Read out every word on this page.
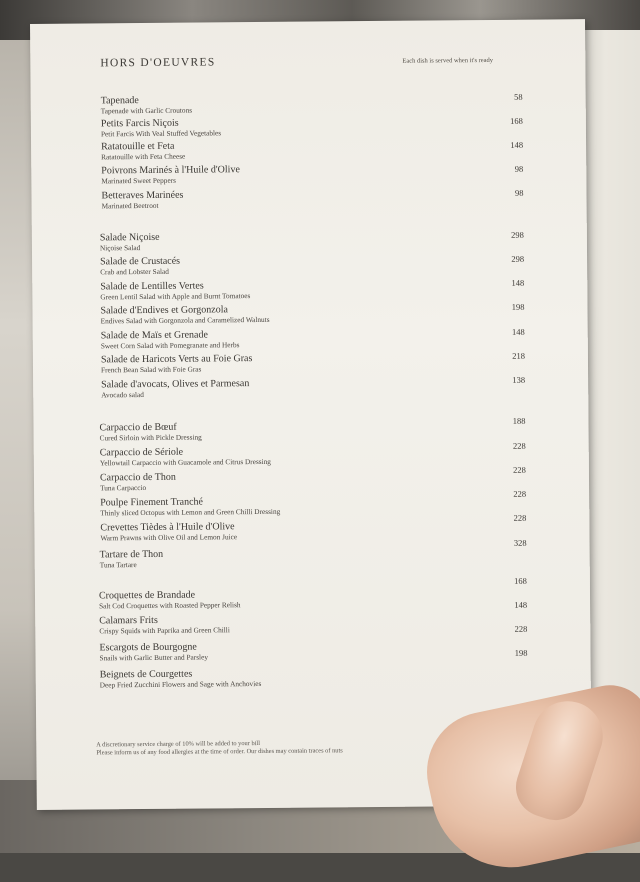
HORS D'OEUVRES	Each dish is served when it's ready
Tapenade
Tapenade with Garlic Croutons
58
Petits Farcis Niçois
Petit Farcis With Veal Stuffed Vegetables
168
Ratatouille et Feta
Ratatouille with Feta Cheese
148
Poivrons Marinés à l'Huile d'Olive
Marinated Sweet Peppers
98
Betteraves Marinées
Marinated Beetroot
98
Salade Niçoise
Niçoise Salad
298
Salade de Crustacés
Crab and Lobster Salad
298
Salade de Lentilles Vertes
Green Lentil Salad with Apple and Burnt Tomatoes
148
Salade d'Endives et Gorgonzola
Endives Salad with Gorgonzola and Caramelized Walnuts
198
Salade de Maïs et Grenade
Sweet Corn Salad with Pomegranate and Herbs
148
Salade de Haricots Verts au Foie Gras
French Bean Salad with Foie Gras
218
Salade d'avocats, Olives et Parmesan
Avocado salad
138
Carpaccio de Bœuf
Cured Sirloin with Pickle Dressing
188
Carpaccio de Sériole
Yellowtail Carpaccio with Guacamole and Citrus Dressing
228
Carpaccio de Thon
Tuna Carpaccio
228
Poulpe Finement Tranché
Thinly sliced Octopus with Lemon and Green Chilli Dressing
228
Crevettes Tièdes à l'Huile d'Olive
Warm Prawns with Olive Oil and Lemon Juice
228
Tartare de Thon
Tuna Tartare
328
Croquettes de Brandade
Salt Cod Croquettes with Roasted Pepper Relish
168
Calamars Frits
Crispy Squids with Paprika and Green Chilli
148
Escargots de Bourgogne
Snails with Garlic Butter and Parsley
228
Beignets de Courgettes
Deep Fried Zucchini Flowers and Sage with Anchovies
198
A discretionary service charge of 10% will be added to your bill
Please inform us of any food allergies at the time of order. Our dishes may contain traces of nuts
